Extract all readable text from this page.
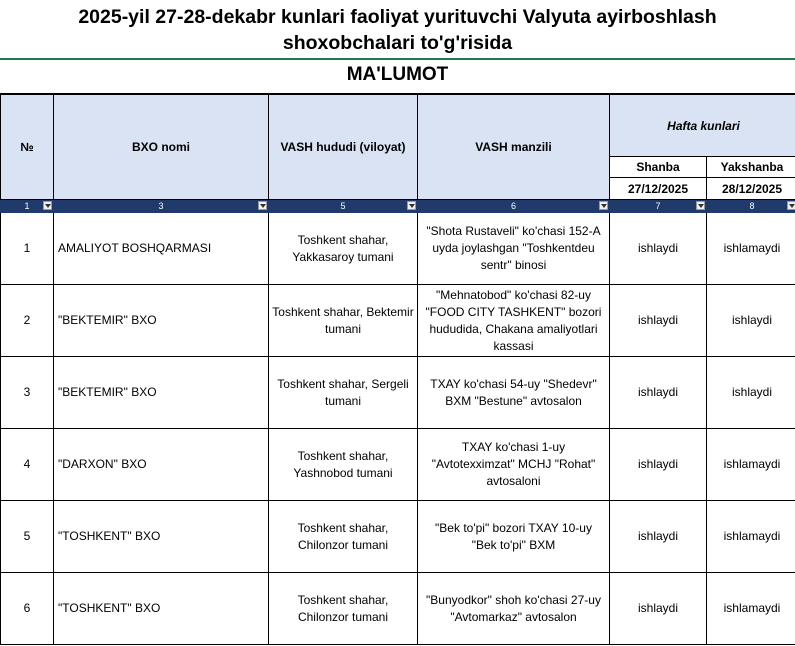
2025-yil 27-28-dekabr kunlari faoliyat yurituvchi Valyuta ayirboshlash
shoxobchalari to'g'risida
MA'LUMOT
№	BXO nomi	VASH hududi (viloyat)	VASH manzili	Hafta kunlari	
				Shanba	Yakshanba
				27/12/2025	28/12/2025
1	3	5	6	7	8

1	AMALIYOT BOSHQARMASI	Toshkent shahar, Yakkasaroy tumani	"Shota Rustaveli" ko'chasi 152-A uyda joylashgan "Toshkentdeu sentr" binosi	ishlaydi	ishlamaydi
2	"BEKTEMIR" BXO	Toshkent shahar, Bektemir tumani	"Mehnatobod" ko'chasi 82-uy "FOOD CITY TASHKENT" bozori hududida, Chakana amaliyotlari kassasi	ishlaydi	ishlaydi
3	"BEKTEMIR" BXO	Toshkent shahar, Sergeli tumani	TXAY ko'chasi 54-uy "Shedevr" BXM "Bestune" avtosalon	ishlaydi	ishlaydi
4	"DARXON" BXO	Toshkent shahar, Yashnobod tumani	TXAY ko'chasi 1-uy "Avtotexximzat" MCHJ "Rohat" avtosaloni	ishlaydi	ishlamaydi
5	"TOSHKENT" BXO	Toshkent shahar, Chilonzor tumani	"Bek to'pi" bozori TXAY 10-uy "Bek to'pi" BXM	ishlaydi	ishlamaydi
6	"TOSHKENT" BXO	Toshkent shahar, Chilonzor tumani	"Bunyodkor" shoh ko'chasi 27-uy "Avtomarkaz" avtosalon	ishlaydi	ishlamaydi
